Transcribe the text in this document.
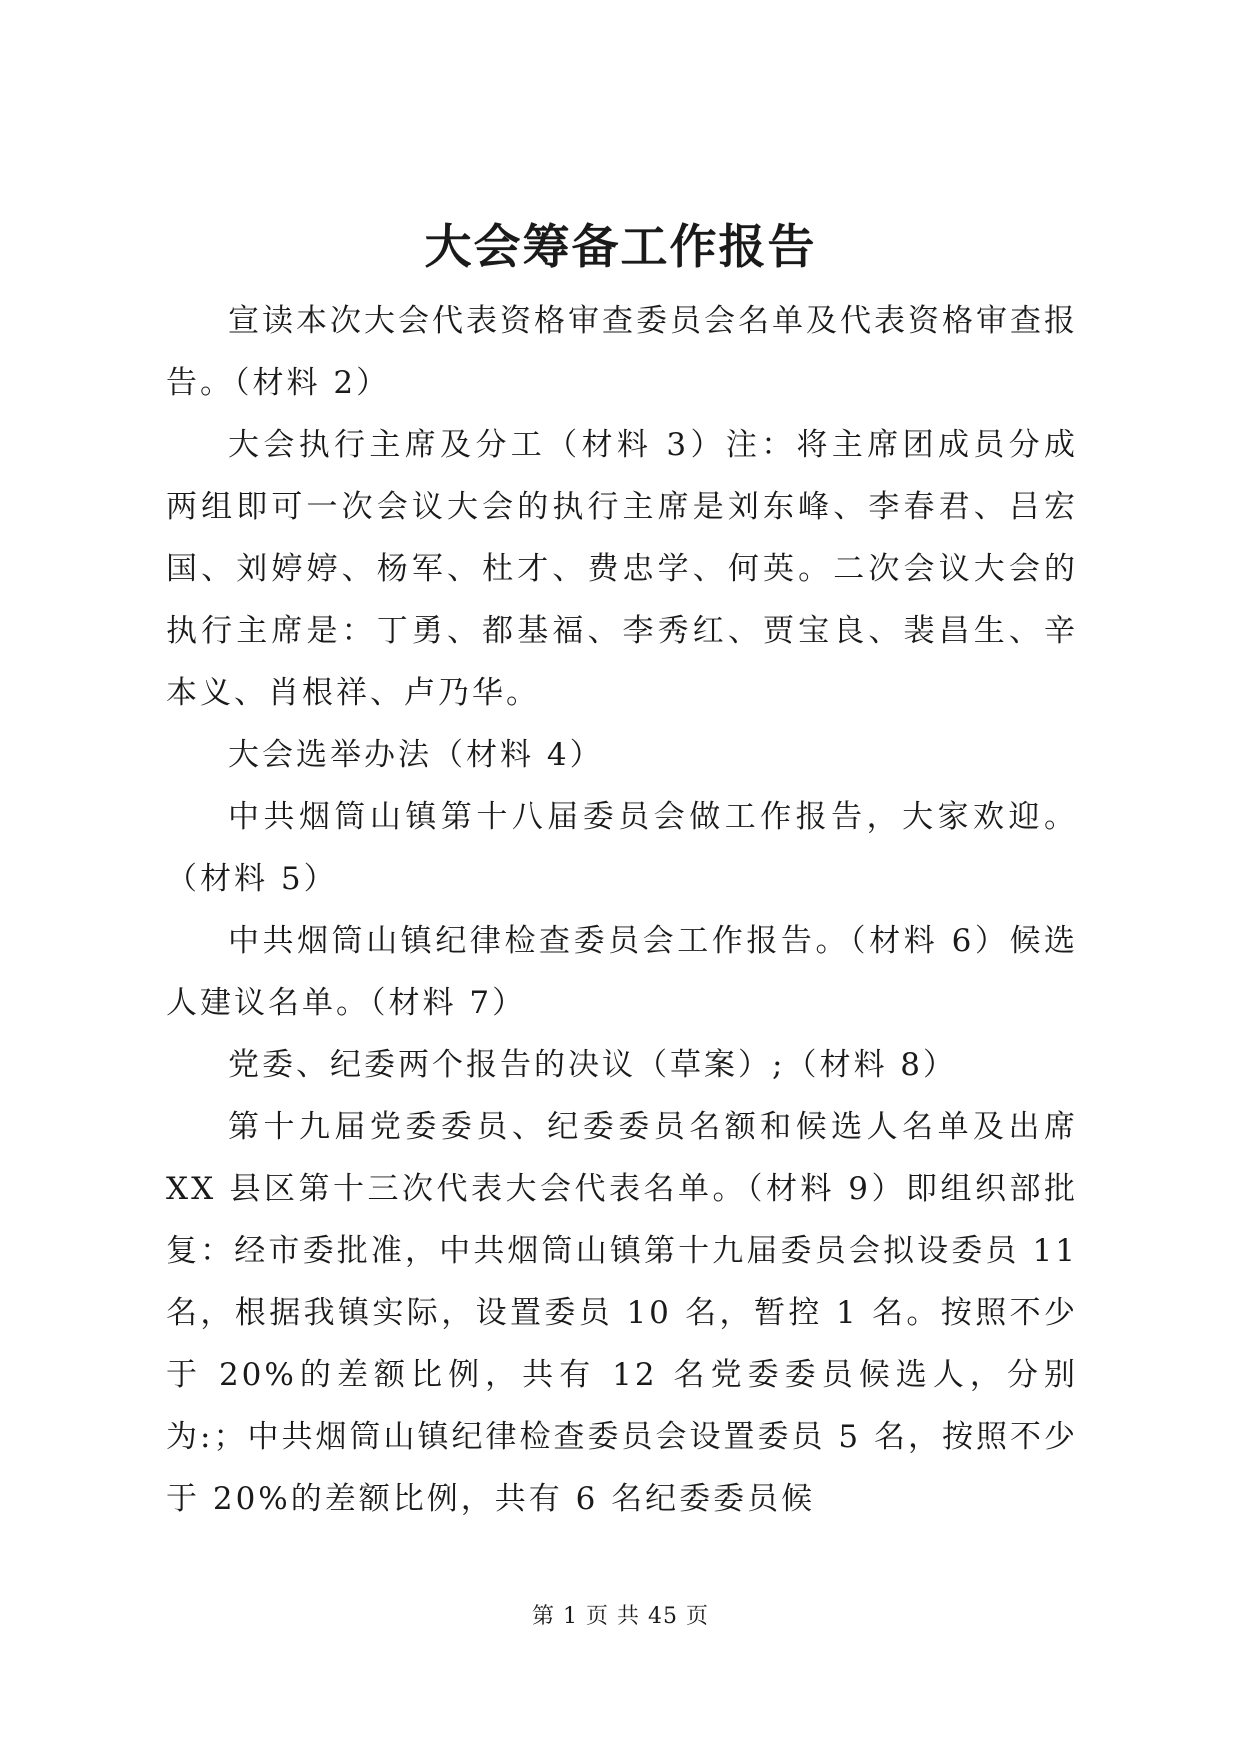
大会筹备工作报告

宣读本次大会代表资格审查委员会名单及代表资格审查报告。（材料 2）

大会执行主席及分工（材料 3）注：将主席团成员分成两组即可一次会议大会的执行主席是刘东峰、李春君、吕宏国、刘婷婷、杨军、杜才、费忠学、何英。二次会议大会的执行主席是：丁勇、都基福、李秀红、贾宝良、裴昌生、辛本义、肖根祥、卢乃华。

大会选举办法（材料 4）

中共烟筒山镇第十八届委员会做工作报告，大家欢迎。（材料 5）

中共烟筒山镇纪律检查委员会工作报告。（材料 6）候选人建议名单。（材料 7）

党委、纪委两个报告的决议（草案）;（材料 8）

第十九届党委委员、纪委委员名额和候选人名单及出席 XX 县区第十三次代表大会代表名单。（材料 9）即组织部批复：经市委批准，中共烟筒山镇第十九届委员会拟设委员 11 名，根据我镇实际，设置委员 10 名，暂控 1 名。按照不少于 20%的差额比例，共有 12 名党委委员候选人，分别为:；中共烟筒山镇纪律检查委员会设置委员 5 名，按照不少于 20%的差额比例，共有 6 名纪委委员候

第 1 页 共 45 页
